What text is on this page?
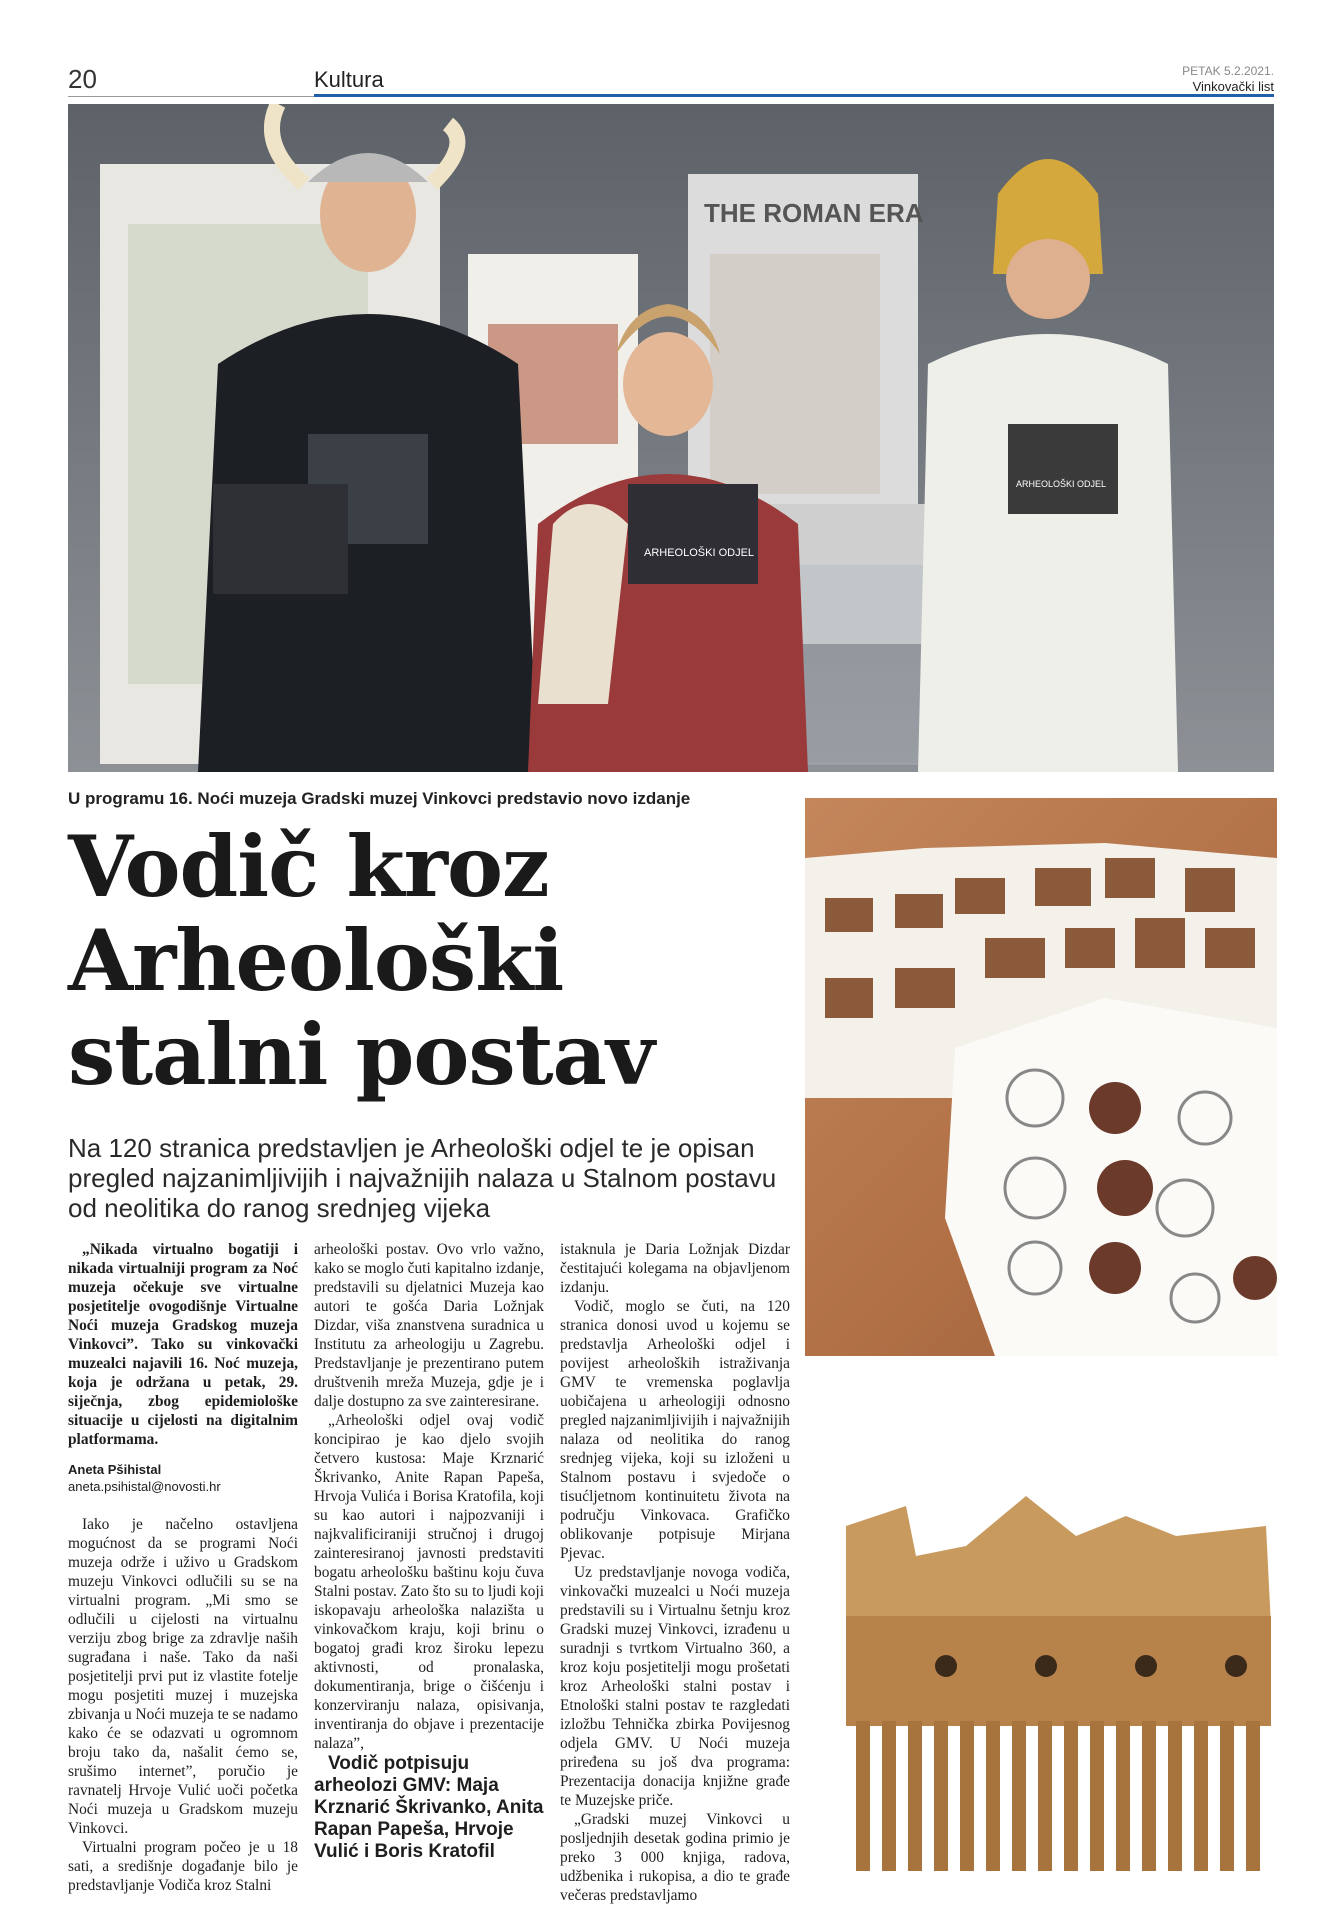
20	Kultura	PETAK 5.2.2021.
Vinkovački list
THE ROMAN ERA
ARHEOLOŠKI ODJEL
ARHEOLOŠKI ODJEL
U programu 16. Noći muzeja Gradski muzej Vinkovci predstavio novo izdanje
Vodič kroz Arheološki stalni postav

Na 120 stranica predstavljen je Arheološki odjel te je opisan pregled najzanimljivijih i najvažnijih nalaza u Stalnom postavu od neolitika do ranog srednjeg vijeka

„Nikada virtualno bogatiji i nikada virtualniji program za Noć muzeja očekuje sve virtualne posjetitelje ovogodišnje Virtualne Noći muzeja Gradskog muzeja Vinkovci”. Tako su vinkovački muzealci najavili 16. Noć muzeja, koja je održana u petak, 29. siječnja, zbog epidemiološke situacije u cijelosti na digitalnim platformama.

Aneta Pšihistal
aneta.psihistal@novosti.hr

Iako je načelno ostavljena mogućnost da se programi Noći muzeja održe i uživo u Gradskom muzeju Vinkovci odlučili su se na virtualni program. „Mi smo se odlučili u cijelosti na virtualnu verziju zbog brige za zdravlje naših sugrađana i naše. Tako da naši posjetitelji prvi put iz vlastite fotelje mogu posjetiti muzej i muzejska zbivanja u Noći muzeja te se nadamo kako će se odazvati u ogromnom broju tako da, našalit ćemo se, srušimo internet”, poručio je ravnatelj Hrvoje Vulić uoči početka Noći muzeja u Gradskom muzeju Vinkovci.

Virtualni program počeo je u 18 sati, a središnje događanje bilo je predstavljanje Vodiča kroz Stalni

arheološki postav. Ovo vrlo važno, kako se moglo čuti kapitalno izdanje, predstavili su djelatnici Muzeja kao autori te gošća Daria Ložnjak Dizdar, viša znanstvena suradnica u Institutu za arheologiju u Zagrebu. Predstavljanje je prezentirano putem društvenih mreža Muzeja, gdje je i dalje dostupno za sve zainteresirane.

„Arheološki odjel ovaj vodič koncipirao je kao djelo svojih četvero kustosa: Maje Krznarić Škrivanko, Anite Rapan Papeša, Hrvoja Vulića i Borisa Kratofila, koji su kao autori i najpozvaniji i najkvalificiraniji stručnoj i drugoj zainteresiranoj javnosti predstaviti bogatu arheološku baštinu koju čuva Stalni postav. Zato što su to ljudi koji iskopavaju arheološka nalazišta u vinkovačkom kraju, koji brinu o bogatoj građi kroz široku lepezu aktivnosti, od pronalaska, dokumentiranja, brige o čišćenju i konzerviranju nalaza, opisivanja, inventiranja do objave i prezentacije nalaza”,

Vodič potpisuju arheolozi GMV: Maja Krznarić Škrivanko, Anita Rapan Papeša, Hrvoje Vulić i Boris Kratofil

istaknula je Daria Ložnjak Dizdar čestitajući kolegama na objavljenom izdanju.

Vodič, moglo se čuti, na 120 stranica donosi uvod u kojemu se predstavlja Arheološki odjel i povijest arheoloških istraživanja GMV te vremenska poglavlja uobičajena u arheologiji odnosno pregled najzanimljivijih i najvažnijih nalaza od neolitika do ranog srednjeg vijeka, koji su izloženi u Stalnom postavu i svjedoče o tisućljetnom kontinuitetu života na području Vinkovaca. Grafičko oblikovanje potpisuje Mirjana Pjevac.

Uz predstavljanje novoga vodiča, vinkovački muzealci u Noći muzeja predstavili su i Virtualnu šetnju kroz Gradski muzej Vinkovci, izrađenu u suradnji s tvrtkom Virtualno 360, a kroz koju posjetitelji mogu prošetati kroz Arheološki stalni postav i Etnološki stalni postav te razgledati izložbu Tehnička zbirka Povijesnog odjela GMV. U Noći muzeja priređena su još dva programa: Prezentacija donacija knjižne građe te Muzejske priče.

„Gradski muzej Vinkovci u posljednjih desetak godina primio je preko 3 000 knjiga, radova, udžbenika i rukopisa, a dio te građe večeras predstavljamo
